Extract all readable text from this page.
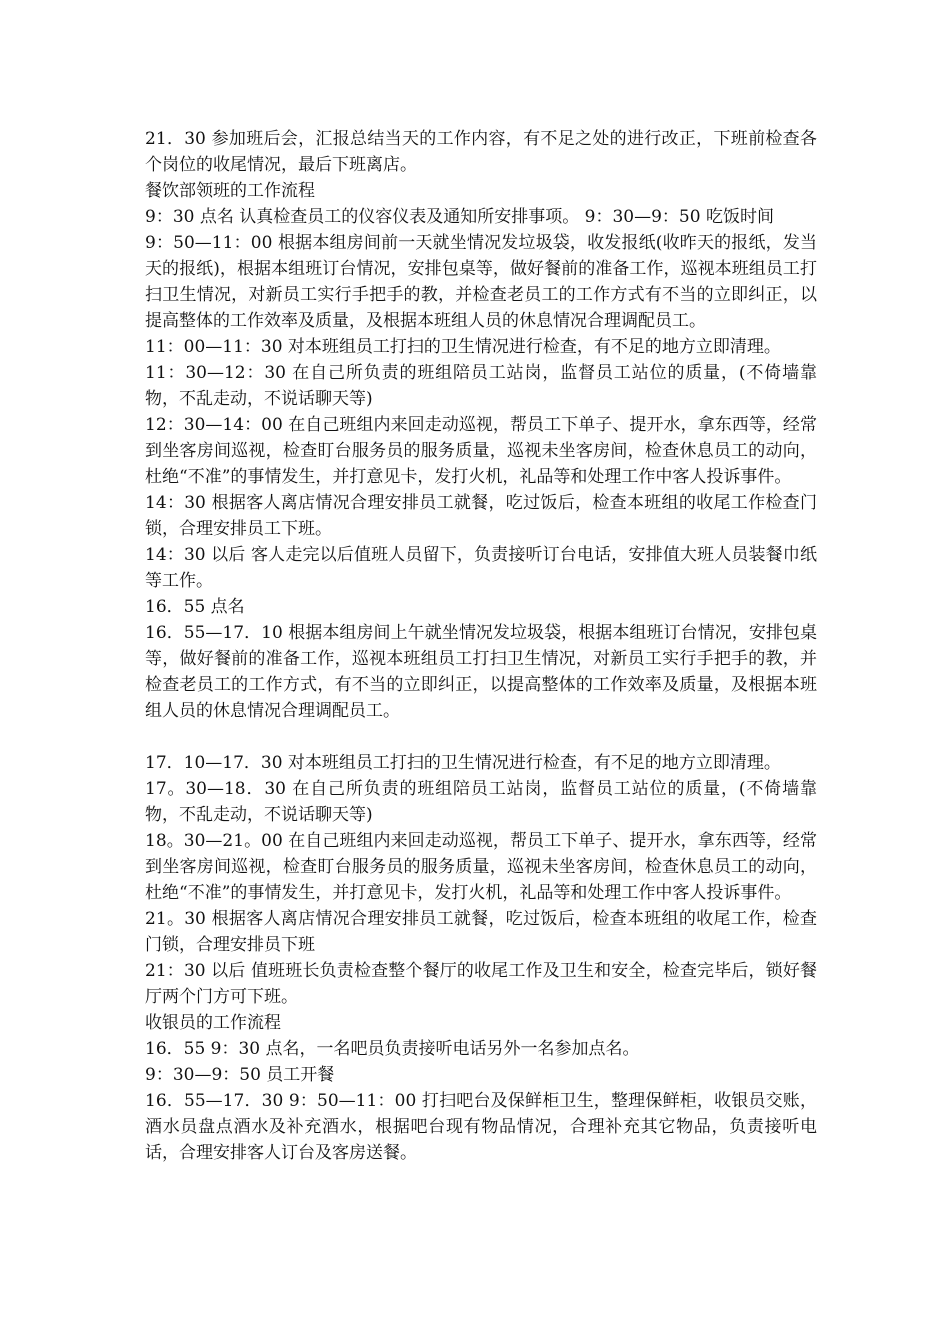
21．30 参加班后会，汇报总结当天的工作内容，有不足之处的进行改正，下班前检查各个岗位的收尾情况，最后下班离店。

餐饮部领班的工作流程

9：30 点名 认真检查员工的仪容仪表及通知所安排事项。 9：30—9：50 吃饭时间

9：50—11：00 根据本组房间前一天就坐情况发垃圾袋，收发报纸(收昨天的报纸，发当天的报纸)，根据本组班订台情况，安排包桌等，做好餐前的准备工作，巡视本班组员工打扫卫生情况，对新员工实行手把手的教，并检查老员工的工作方式有不当的立即纠正，以提高整体的工作效率及质量，及根据本班组人员的休息情况合理调配员工。

11：00—11：30 对本班组员工打扫的卫生情况进行检查，有不足的地方立即清理。

11：30—12：30 在自己所负责的班组陪员工站岗，监督员工站位的质量，(不倚墙靠物，不乱走动，不说话聊天等)

12：30—14：00 在自己班组内来回走动巡视，帮员工下单子、提开水，拿东西等，经常到坐客房间巡视，检查盯台服务员的服务质量，巡视未坐客房间，检查休息员工的动向，杜绝“不准”的事情发生，并打意见卡，发打火机，礼品等和处理工作中客人投诉事件。

14：30 根据客人离店情况合理安排员工就餐，吃过饭后，检查本班组的收尾工作检查门锁，合理安排员工下班。

14：30 以后 客人走完以后值班人员留下，负责接听订台电话，安排值大班人员装餐巾纸等工作。

16．55 点名

16．55—17．10 根据本组房间上午就坐情况发垃圾袋，根据本组班订台情况，安排包桌等，做好餐前的准备工作，巡视本班组员工打扫卫生情况，对新员工实行手把手的教，并检查老员工的工作方式，有不当的立即纠正，以提高整体的工作效率及质量，及根据本班组人员的休息情况合理调配员工。

17．10—17．30 对本班组员工打扫的卫生情况进行检查，有不足的地方立即清理。

17。30—18．30 在自己所负责的班组陪员工站岗，监督员工站位的质量，(不倚墙靠物，不乱走动，不说话聊天等)

18。30—21。00 在自己班组内来回走动巡视，帮员工下单子、提开水，拿东西等，经常到坐客房间巡视，检查盯台服务员的服务质量，巡视未坐客房间，检查休息员工的动向，杜绝“不准”的事情发生，并打意见卡，发打火机，礼品等和处理工作中客人投诉事件。

21。30 根据客人离店情况合理安排员工就餐，吃过饭后，检查本班组的收尾工作，检查门锁，合理安排员下班

21：30 以后 值班班长负责检查整个餐厅的收尾工作及卫生和安全，检查完毕后，锁好餐厅两个门方可下班。

收银员的工作流程

16．55 9：30 点名，一名吧员负责接听电话另外一名参加点名。

9：30—9：50 员工开餐

16．55—17．30 9：50—11：00 打扫吧台及保鲜柜卫生，整理保鲜柜，收银员交账，酒水员盘点酒水及补充酒水，根据吧台现有物品情况，合理补充其它物品，负责接听电话，合理安排客人订台及客房送餐。
